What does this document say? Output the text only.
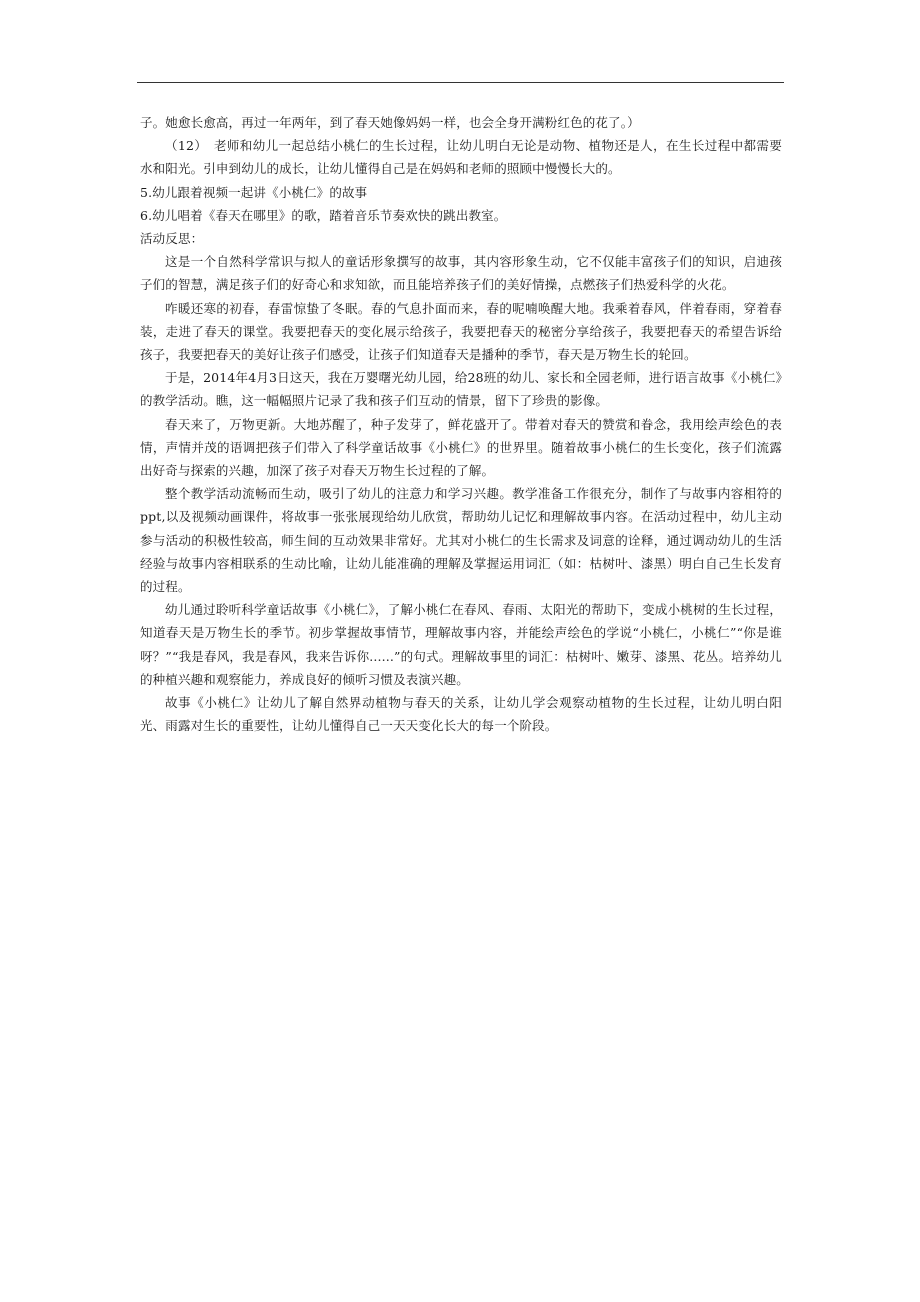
子。她愈长愈高，再过一年两年，到了春天她像妈妈一样，也会全身开满粉红色的花了。）

（12）　老师和幼儿一起总结小桃仁的生长过程，让幼儿明白无论是动物、植物还是人，在生长过程中都需要水和阳光。引申到幼儿的成长，让幼儿懂得自己是在妈妈和老师的照顾中慢慢长大的。

5.幼儿跟着视频一起讲《小桃仁》的故事

6.幼儿唱着《春天在哪里》的歌，踏着音乐节奏欢快的跳出教室。

活动反思：

这是一个自然科学常识与拟人的童话形象撰写的故事，其内容形象生动，它不仅能丰富孩子们的知识，启迪孩子们的智慧，满足孩子们的好奇心和求知欲，而且能培养孩子们的美好情操，点燃孩子们热爱科学的火花。

咋暖还寒的初春，春雷惊蛰了冬眠。春的气息扑面而来，春的呢喃唤醒大地。我乘着春风，伴着春雨，穿着春装，走进了春天的课堂。我要把春天的变化展示给孩子，我要把春天的秘密分享给孩子，我要把春天的希望告诉给孩子，我要把春天的美好让孩子们感受，让孩子们知道春天是播种的季节，春天是万物生长的轮回。

于是，2014年4月3日这天，我在万婴曙光幼儿园，给28班的幼儿、家长和全园老师，进行语言故事《小桃仁》的教学活动。瞧，这一幅幅照片记录了我和孩子们互动的情景，留下了珍贵的影像。

春天来了，万物更新。大地苏醒了，种子发芽了，鲜花盛开了。带着对春天的赞赏和眷念，我用绘声绘色的表情，声情并茂的语调把孩子们带入了科学童话故事《小桃仁》的世界里。随着故事小桃仁的生长变化，孩子们流露出好奇与探索的兴趣，加深了孩子对春天万物生长过程的了解。

整个教学活动流畅而生动，吸引了幼儿的注意力和学习兴趣。教学准备工作很充分，制作了与故事内容相符的ppt,以及视频动画课件，将故事一张张展现给幼儿欣赏，帮助幼儿记忆和理解故事内容。在活动过程中，幼儿主动参与活动的积极性较高，师生间的互动效果非常好。尤其对小桃仁的生长需求及词意的诠释，通过调动幼儿的生活经验与故事内容相联系的生动比喻，让幼儿能准确的理解及掌握运用词汇（如：枯树叶、漆黑）明白自己生长发育的过程。

幼儿通过聆听科学童话故事《小桃仁》，了解小桃仁在春风、春雨、太阳光的帮助下，变成小桃树的生长过程，知道春天是万物生长的季节。初步掌握故事情节，理解故事内容，并能绘声绘色的学说“小桃仁，小桃仁”“你是谁呀？”“我是春风，我是春风，我来告诉你......”的句式。理解故事里的词汇：枯树叶、嫩芽、漆黑、花丛。培养幼儿的种植兴趣和观察能力，养成良好的倾听习惯及表演兴趣。

故事《小桃仁》让幼儿了解自然界动植物与春天的关系，让幼儿学会观察动植物的生长过程，让幼儿明白阳光、雨露对生长的重要性，让幼儿懂得自己一天天变化长大的每一个阶段。
